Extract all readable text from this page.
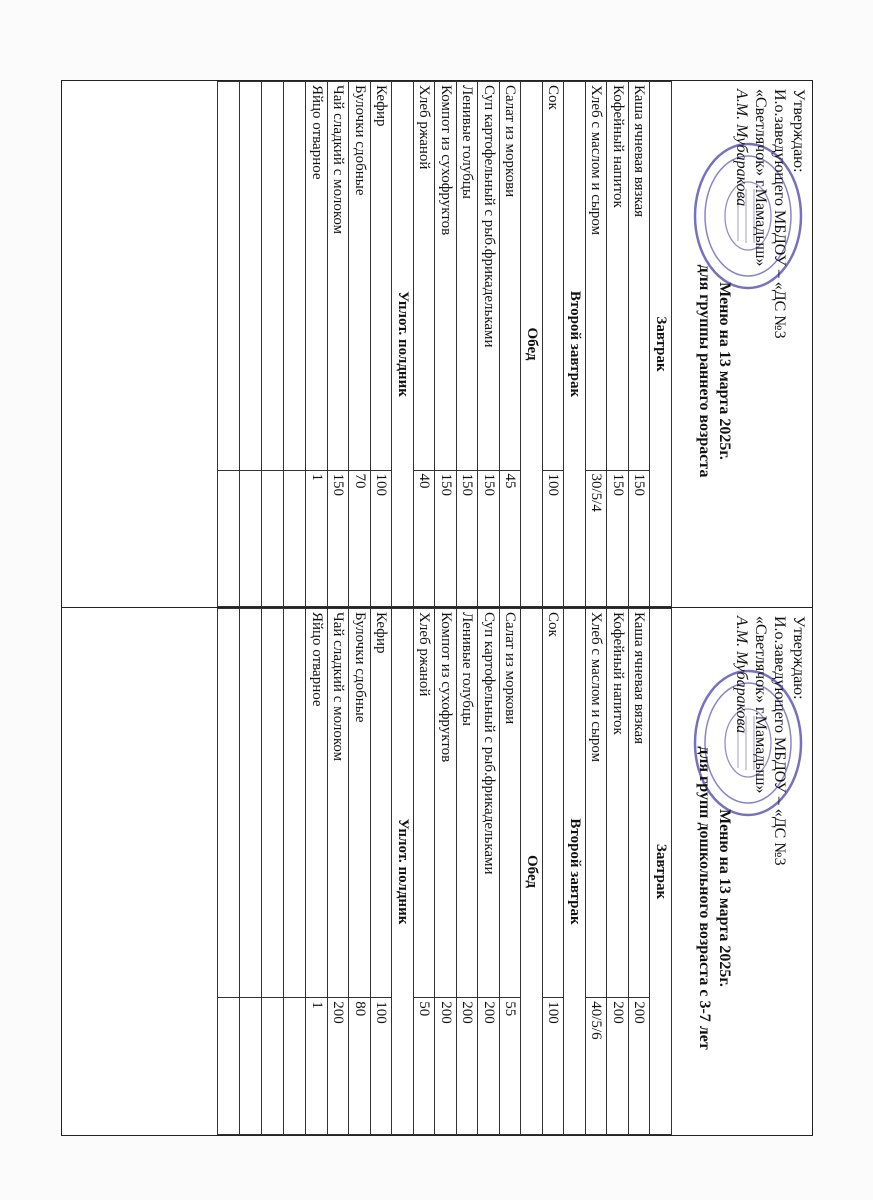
Утверждаю:
И.о.заведующего МБДОУ – «ДС №3
«Светлячок» г.Мамадыш»
A.M. Мубаракова
Меню на 13 марта 2025г.
для группы раннего возраста
Завтрак	
Каша ячневая вязкая	150
Кофейный напиток	150
Хлеб с маслом и сыром	30/5/4
Второй завтрак	
Сок	100
Обед	
Салат из моркови	45
Суп картофельный с рыб.фрикадельками	150
Ленивые голубцы	150
Компот из сухофруктов	150
Хлеб ржаной	40
Уплот. полдник	
Кефир	100
Булочки сдобные	70
Чай сладкий с молоком	150
Яйцо отварное	1

Утверждаю:
И.о.заведующего МБДОУ – «ДС №3
«Светлячок» г.Мамадыш»
A.M. Мубаракова
Меню на 13 марта 2025г.
для групп дошкольного возраста с 3-7 лет
Завтрак	
Каша ячневая вязкая	200
Кофейный напиток	200
Хлеб с маслом и сыром	40/5/6
Второй завтрак	
Сок	100
Обед	
Салат из моркови	55
Суп картофельный с рыб.фрикадельками	200
Ленивые голубцы	200
Компот из сухофруктов	200
Хлеб ржаной	50
Уплот. полдник	
Кефир	100
Булочки сдобные	80
Чай сладкий с молоком	200
Яйцо отварное	1
